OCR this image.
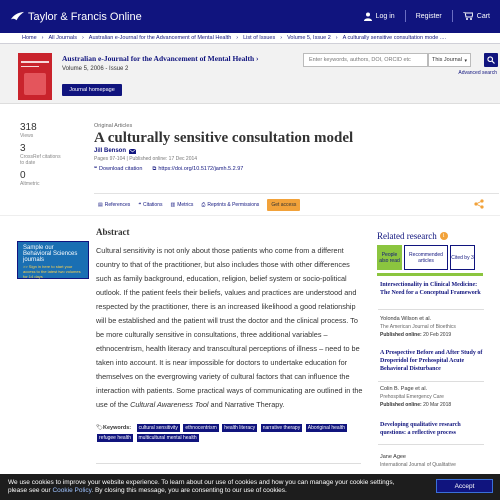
Taylor & Francis Online	Log in	Register	Cart
Home › All Journals › Australian e-Journal for the Advancement of Mental Health › List of Issues › Volume 5, Issue 2 › A culturally sensitive consultation mode ....
Australian e-Journal for the Advancement of Mental Health ›
Volume 5, 2006 - Issue 2
Journal homepage
Enter keywords, authors, DOI, ORCID etc	This Journal ▾
Advanced search
318
Views
3
CrossRef citations to date
0
Altmetric
Original Articles
A culturally sensitive consultation model
Jill Benson
Pages 97-104 | Published online: 17 Dec 2014
❝ Download citation ⧉ https://doi.org/10.5172/jamh.5.2.97
▤ References ❝ Citations ▥ Metrics ⎙ Reprints & Permissions	Get access
Sample our Behavioral Sciences journals
>> Sign in here to start your access to the latest two volumes for 14 days
Abstract
Cultural sensitivity is not only about those patients who come from a different country to that of the practitioner, but also includes those with other differences such as family background, education, religion, belief system or socio-political outlook. If the patient feels their beliefs, values and practices are understood and respected by the practitioner, there is an increased likelihood a good relationship will be established and the patient will trust the doctor and the clinical process. To be more culturally sensitive in consultations, three additional variables – ethnocentrism, health literacy and transcultural perceptions of illness – need to be taken into account. It is near impossible for doctors to undertake education for themselves on the evergrowing variety of cultural factors that can influence the interaction with patients. Some practical ways of communicating are outlined in the use of the Cultural Awareness Tool and Narrative Therapy.
🏷Keywords: cultural sensitivity ethnocentrism health literacy narrative therapy Aboriginal health refugee health multicultural mental health
Related research	i
People also read
Recommended articles	Cited by 3
Intersectionality in Clinical Medicine: The Need for a Conceptual Framework
Yolonda Wilson et al.
The American Journal of Bioethics
Published online: 20 Feb 2019
A Prospective Before and After Study of Droperidol for Prehospital Acute Behavioral Disturbance
Colin B. Page et al.
Prehospital Emergency Care
Published online: 20 Mar 2018
Developing qualitative research questions: a reflective process
Jane Agee
International Journal of Qualitative
We use cookies to improve your website experience. To learn about our use of cookies and how you can manage your cookie settings,
please see our Cookie Policy. By closing this message, you are consenting to our use of cookies.
Accept
